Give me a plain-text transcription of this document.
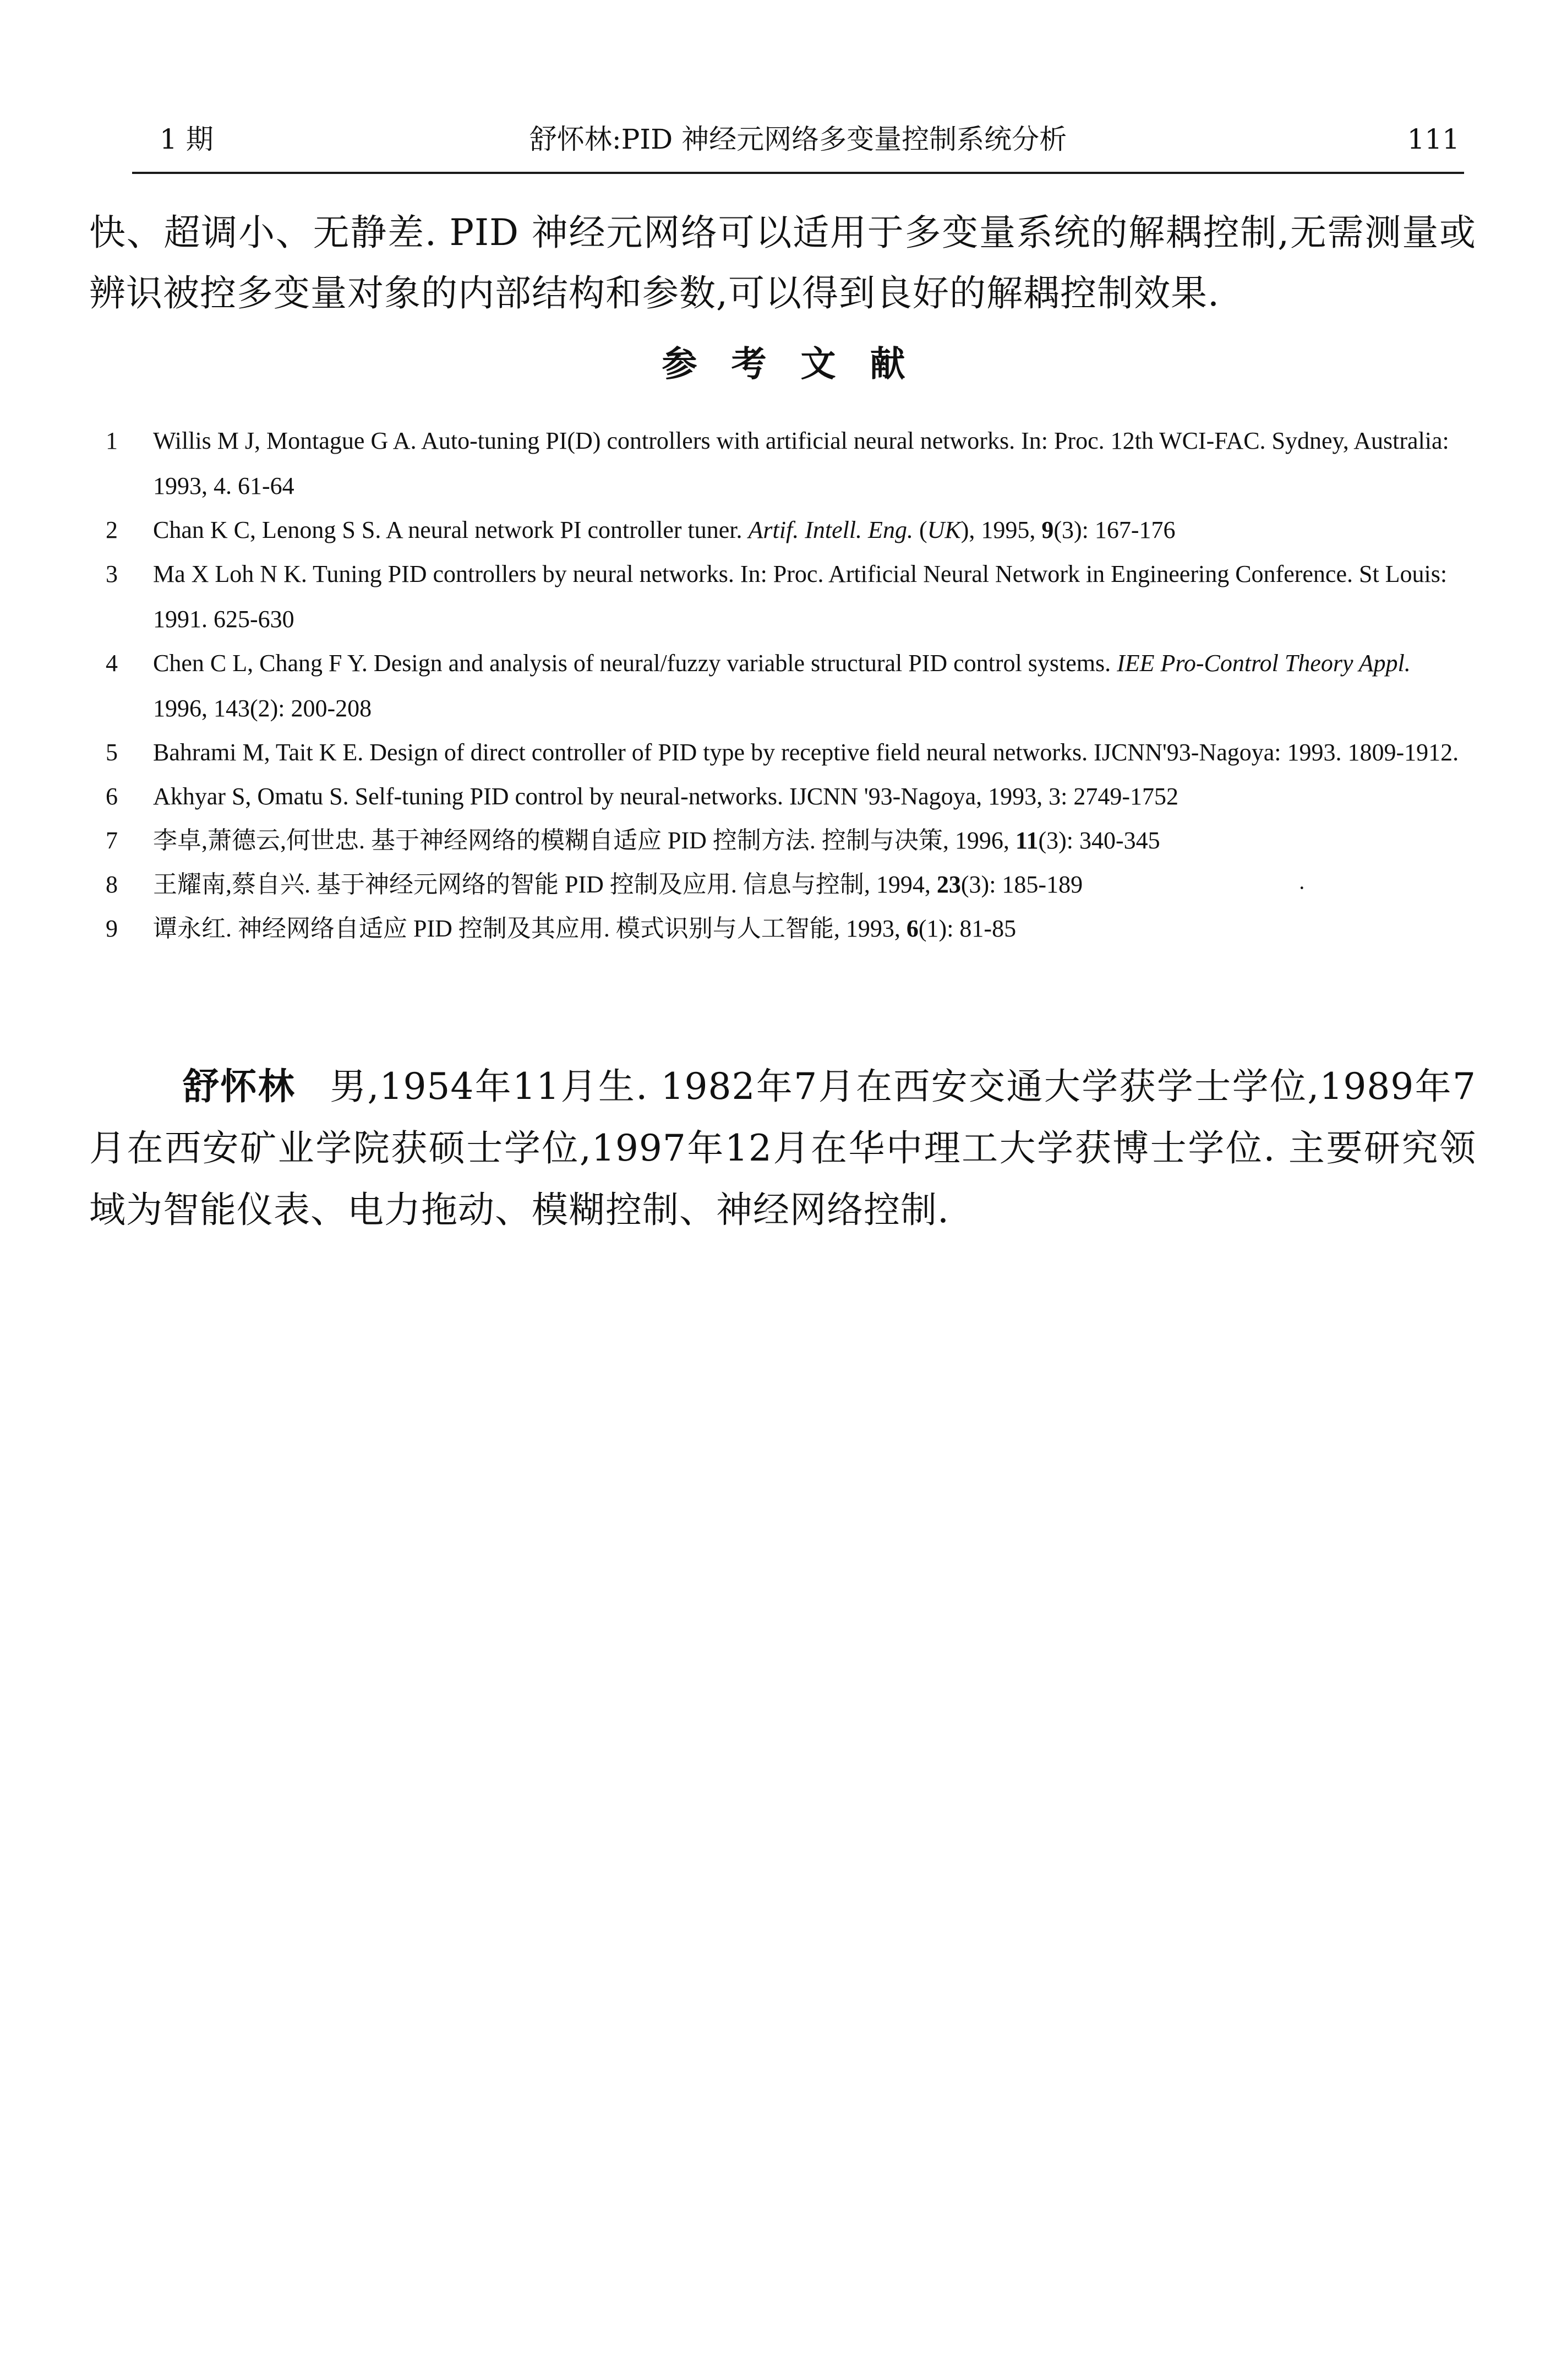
1 期	舒怀林:PID 神经元网络多变量控制系统分析	111

快、超调小、无静差. PID 神经元网络可以适用于多变量系统的解耦控制,无需测量或辨识被控多变量对象的内部结构和参数,可以得到良好的解耦控制效果.

参考文献
1	Willis M J, Montague G A. Auto-tuning PI(D) controllers with artificial neural networks. In: Proc. 12th WCI-FAC. Sydney, Australia: 1993, 4. 61-64
2	Chan K C, Lenong S S. A neural network PI controller tuner. Artif. Intell. Eng. (UK), 1995, 9(3): 167-176
3	Ma X Loh N K. Tuning PID controllers by neural networks. In: Proc. Artificial Neural Network in Engineering Conference. St Louis: 1991. 625-630
4	Chen C L, Chang F Y. Design and analysis of neural/fuzzy variable structural PID control systems. IEE Pro-Control Theory Appl. 1996, 143(2): 200-208
5	Bahrami M, Tait K E. Design of direct controller of PID type by receptive field neural networks. IJCNN'93-Nagoya: 1993. 1809-1912.
6	Akhyar S, Omatu S. Self-tuning PID control by neural-networks. IJCNN '93-Nagoya, 1993, 3: 2749-1752
7	李卓,萧德云,何世忠. 基于神经网络的模糊自适应 PID 控制方法. 控制与决策, 1996, 11(3): 340-345
8	王耀南,蔡自兴. 基于神经元网络的智能 PID 控制及应用. 信息与控制, 1994, 23(3): 185-189	·
9	谭永红. 神经网络自适应 PID 控制及其应用. 模式识别与人工智能, 1993, 6(1): 81-85

舒怀林 男,1954年11月生. 1982年7月在西安交通大学获学士学位,1989年7月在西安矿业学院获硕士学位,1997年12月在华中理工大学获博士学位. 主要研究领域为智能仪表、电力拖动、模糊控制、神经网络控制.
